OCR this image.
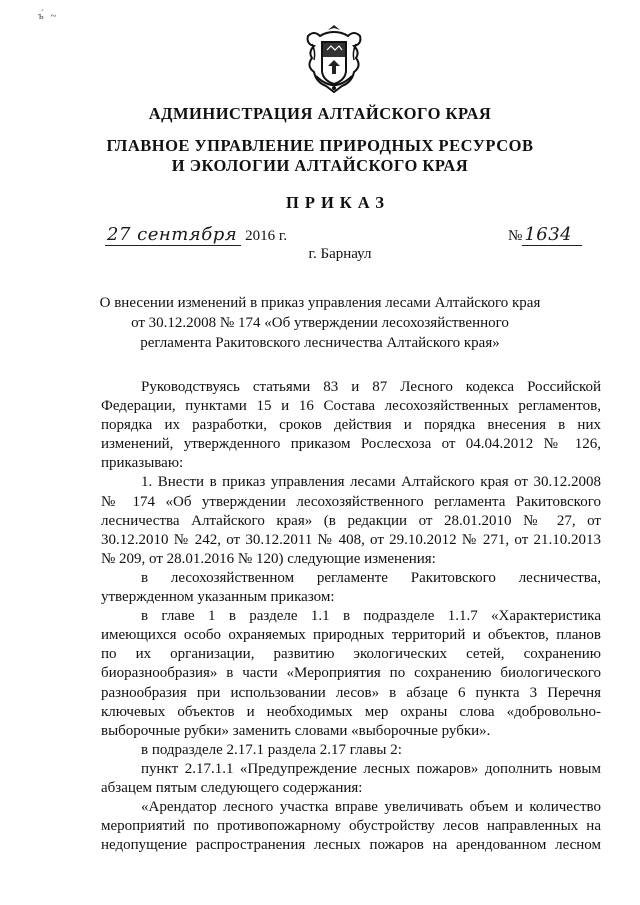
ъ́ ~
АДМИНИСТРАЦИЯ АЛТАЙСКОГО КРАЯ
ГЛАВНОЕ УПРАВЛЕНИЕ ПРИРОДНЫХ РЕСУРСОВ
И ЭКОЛОГИИ АЛТАЙСКОГО КРАЯ
ПРИКАЗ
27 сентября 2016 г.	№ 1634
г. Барнаул
О внесении изменений в приказ управления лесами Алтайского края
от 30.12.2008 № 174 «Об утверждении лесохозяйственного
регламента Ракитовского лесничества Алтайского края»
Руководствуясь статьями 83 и 87 Лесного кодекса Российской
Федерации, пунктами 15 и 16 Состава лесохозяйственных регламентов,
порядка их разработки, сроков действия и порядка внесения в них
изменений, утвержденного приказом Рослесхоза от 04.04.2012 № 126,
приказываю:
1. Внести в приказ управления лесами Алтайского края от 30.12.2008
№ 174 «Об утверждении лесохозяйственного регламента Ракитовского
лесничества Алтайского края» (в редакции от 28.01.2010 № 27, от
30.12.2010 № 242, от 30.12.2011 № 408, от 29.10.2012 № 271, от 21.10.2013
№ 209, от 28.01.2016 № 120) следующие изменения:
в лесохозяйственном регламенте Ракитовского лесничества,
утвержденном указанным приказом:
в главе 1 в разделе 1.1 в подразделе 1.1.7 «Характеристика
имеющихся особо охраняемых природных территорий и объектов, планов
по их организации, развитию экологических сетей, сохранению
биоразнообразия» в части «Мероприятия по сохранению биологического
разнообразия при использовании лесов» в абзаце 6 пункта 3 Перечня
ключевых объектов и необходимых мер охраны слова «добровольно-
выборочные рубки» заменить словами «выборочные рубки».
в подразделе 2.17.1 раздела 2.17 главы 2:
пункт 2.17.1.1 «Предупреждение лесных пожаров» дополнить новым
абзацем пятым следующего содержания:
«Арендатор лесного участка вправе увеличивать объем и количество
мероприятий по противопожарному обустройству лесов направленных на
недопущение распространения лесных пожаров на арендованном лесном
